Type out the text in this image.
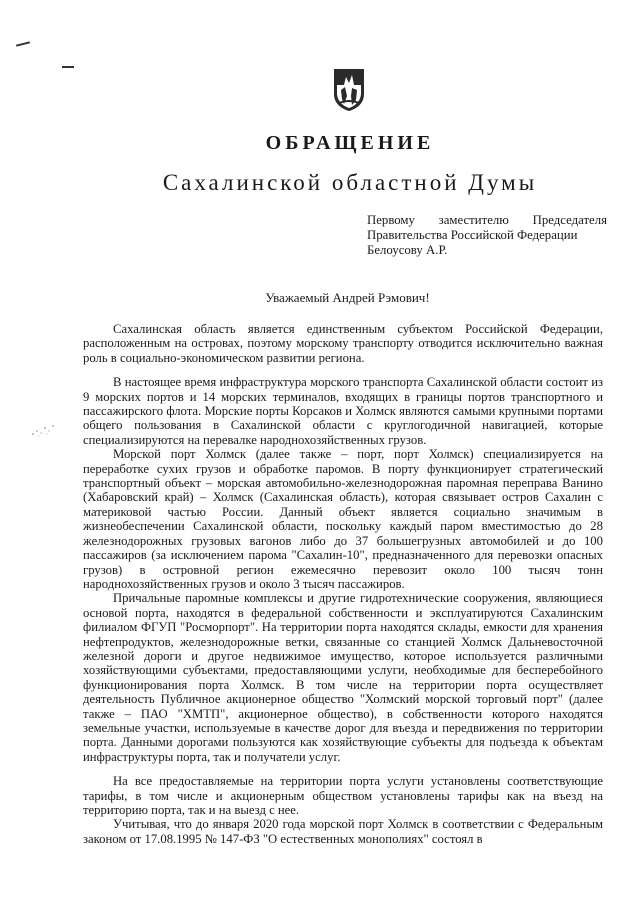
ОБРАЩЕНИЕ
Сахалинской областной Думы
Первому заместителю Председателя
Правительства Российской Федерации
Белоусову А.Р.
Уважаемый Андрей Рэмович!

Сахалинская область является единственным субъектом Российской Федерации, расположенным на островах, поэтому морскому транспорту отводится исключительно важная роль в социально-экономическом развитии региона.

В настоящее время инфраструктура морского транспорта Сахалинской области состоит из 9 морских портов и 14 морских терминалов, входящих в границы портов транспортного и пассажирского флота. Морские порты Корсаков и Холмск являются самыми крупными портами общего пользования в Сахалинской области с круглогодичной навигацией, которые специализируются на перевалке народнохозяйственных грузов.

Морской порт Холмск (далее также – порт, порт Холмск) специализируется на переработке сухих грузов и обработке паромов. В порту функционирует стратегический транспортный объект – морская автомобильно-железнодорожная паромная переправа Ванино (Хабаровский край) – Холмск (Сахалинская область), которая связывает остров Сахалин с материковой частью России. Данный объект является социально значимым в жизнеобеспечении Сахалинской области, поскольку каждый паром вместимостью до 28 железнодорожных грузовых вагонов либо до 37 большегрузных автомобилей и до 100 пассажиров (за исключением парома "Сахалин-10", предназначенного для перевозки опасных грузов) в островной регион ежемесячно перевозит около 100 тысяч тонн народнохозяйственных грузов и около 3 тысяч пассажиров.

Причальные паромные комплексы и другие гидротехнические сооружения, являющиеся основой порта, находятся в федеральной собственности и эксплуатируются Сахалинским филиалом ФГУП "Росморпорт". На территории порта находятся склады, емкости для хранения нефтепродуктов, железнодорожные ветки, связанные со станцией Холмск Дальневосточной железной дороги и другое недвижимое имущество, которое используется различными хозяйствующими субъектами, предоставляющими услуги, необходимые для бесперебойного функционирования порта Холмск. В том числе на территории порта осуществляет деятельность Публичное акционерное общество "Холмский морской торговый порт" (далее также – ПАО "ХМТП", акционерное общество), в собственности которого находятся земельные участки, используемые в качестве дорог для въезда и передвижения по территории порта. Данными дорогами пользуются как хозяйствующие субъекты для подъезда к объектам инфраструктуры порта, так и получатели услуг.

На все предоставляемые на территории порта услуги установлены соответствующие тарифы, в том числе и акционерным обществом установлены тарифы как на въезд на территорию порта, так и на выезд с нее.

Учитывая, что до января 2020 года морской порт Холмск в соответствии с Федеральным законом от 17.08.1995 № 147-ФЗ "О естественных монополиях" состоял в
